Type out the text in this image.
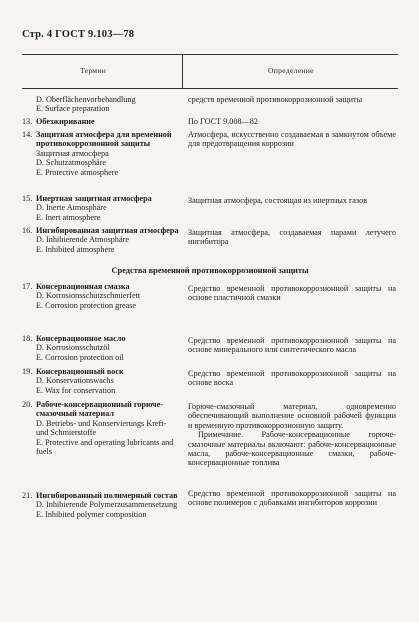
Стр. 4 ГОСТ 9.103—78
Термин	Определение
D. Oberflächenvorbehandlung
E. Surface preparation
средств временной противокоррозионной защиты
13. Обезжиривание	По ГОСТ 9.008—82
14. Защитная атмосфера для временной противокоррозионной защиты
Защитная атмосфера
D. Schutzatmosphäre
E. Protective atmosphere
Атмосфера, искусственно создаваемая в замкнутом объеме для предотвращения коррозии
15. Инертная защитная атмосфера
D. Inerte Atmosphäre
E. Inert atmosphere
Защитная атмосфера, состоящая из инертных газов
16. Ингибированная защитная атмосфера
D. Inhibierende Atmosphäre
E. Inhibited atmosphere
Защитная атмосфера, создаваемая парами летучего ингибитора
Средства временной противокоррозионной защиты
17. Консервационная смазка
D. Korrosionsschutzschmierfett
E. Corrosion protection grease
Средство временной противокоррозионной защиты на основе пластичной смазки
18. Консервационное масло
D. Korrosionsschutzöl
E. Corrosion protection oil
Средство временной противокоррозионной защиты на основе минерального или синтетического масла
19. Консервационный воск
D. Konservationswachs
E. Wax for conservation
Средство временной противокоррозионной защиты на основе воска
20. Рабоче-консервационный горюче-смазочный материал
D. Betriebs- und Konservierungs Kreft- und Schmierstoffe
E. Protective and operating lubricants and fuels
Горюче-смазочный материал, одновременно обеспечивающий выполнение основной рабочей функции и временную противокоррозионную защиту.
Примечание. Рабоче-консервационные горюче-смазочные материалы включают: рабоче-консервационные масла, рабоче-консервационные смазки, рабоче-консервационные топлива
21. Ингибированный полимерный состав
D. Inhibierende Polymerzusammensetzung
E. Inhibited polymer composition
Средство временной противокоррозионной защиты на основе полимеров с добавками ингибиторов коррозии
